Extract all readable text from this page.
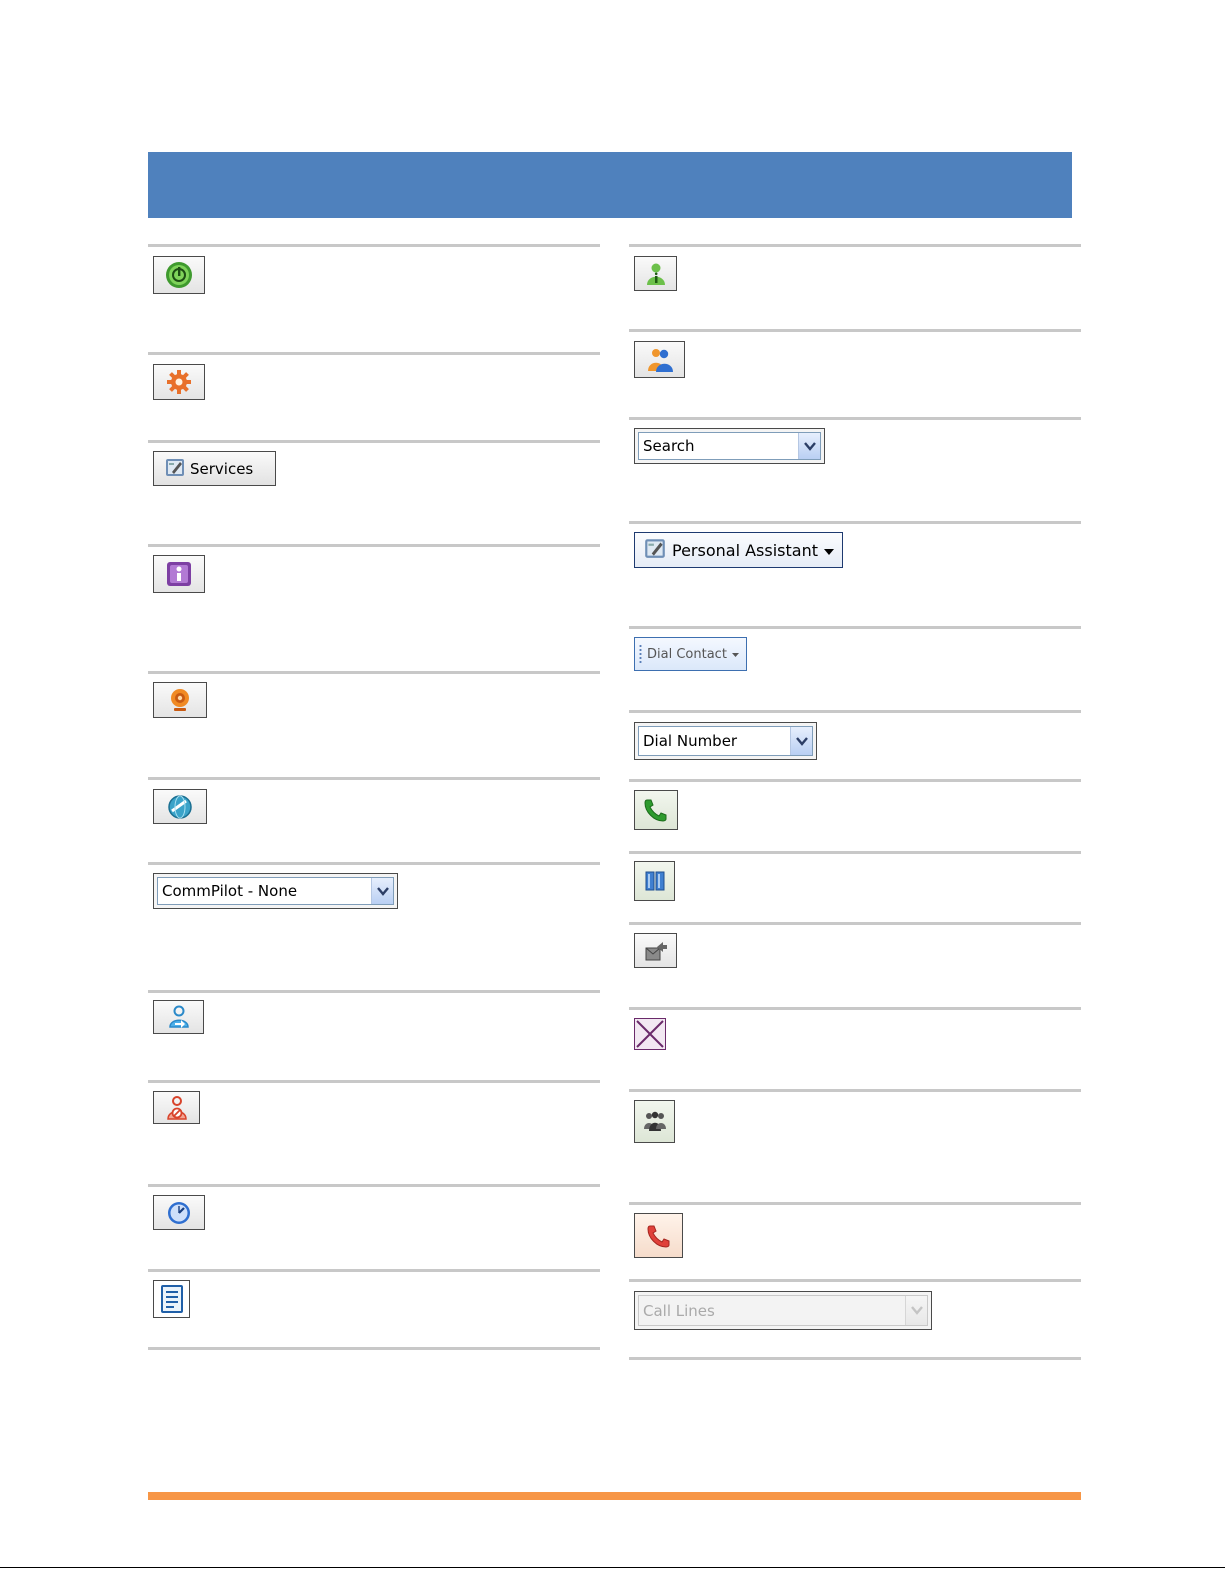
Services
CommPilot - None
Search
Personal Assistant
Dial Contact
Dial Number
Call Lines
